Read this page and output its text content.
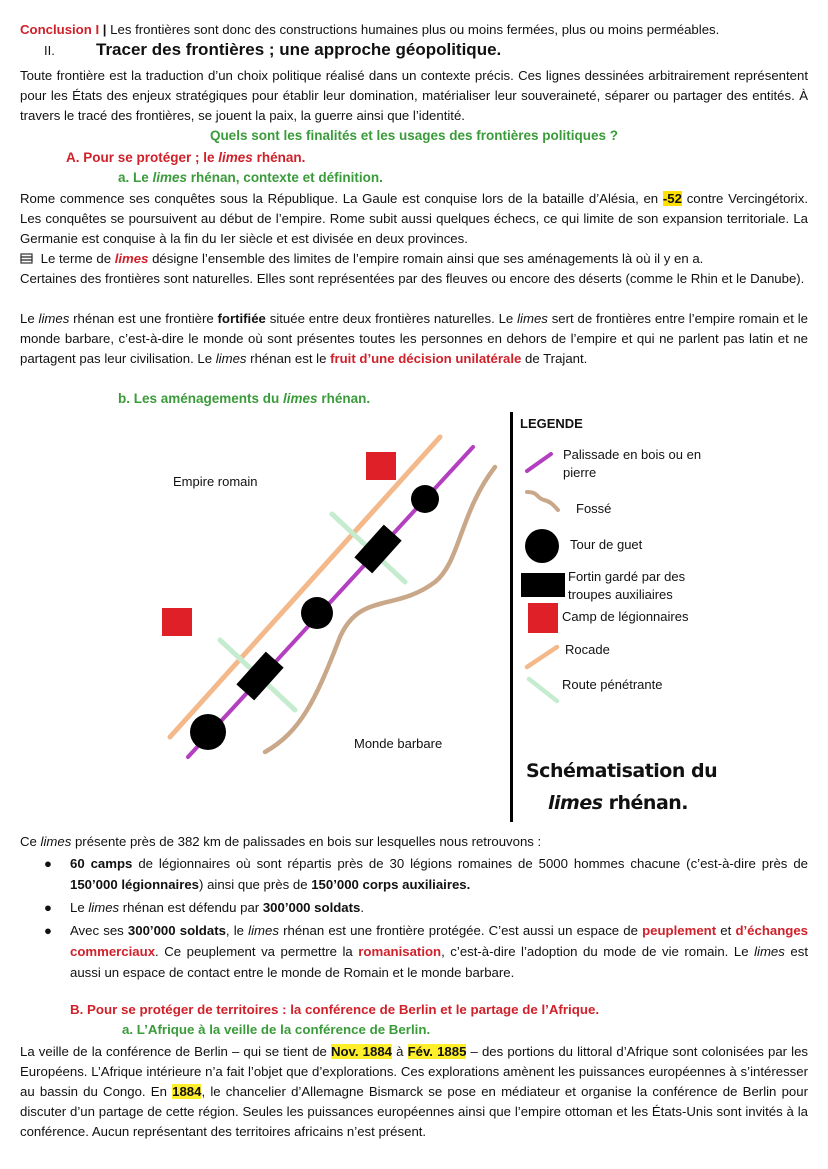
Conclusion I | Les frontières sont donc des constructions humaines plus ou moins fermées, plus ou moins perméables.

II. Tracer des frontières ; une approche géopolitique.

Toute frontière est la traduction d’un choix politique réalisé dans un contexte précis. Ces lignes dessinées arbitrairement représentent pour les États des enjeux stratégiques pour établir leur domination, matérialiser leur souveraineté, séparer ou partager des entités. À travers le tracé des frontières, se jouent la paix, la guerre ainsi que l’identité.

Quels sont les finalités et les usages des frontières politiques ?
A. Pour se protéger ; le limes rhénan.
a. Le limes rhénan, contexte et définition.

Rome commence ses conquêtes sous la République. La Gaule est conquise lors de la bataille d’Alésia, en -52 contre Vercingétorix. Les conquêtes se poursuivent au début de l’empire. Rome subit aussi quelques échecs, ce qui limite de son expansion territoriale. La Germanie est conquise à la fin du Ier siècle et est divisée en deux provinces.

Le terme de limes désigne l’ensemble des limites de l’empire romain ainsi que ses aménagements là où il y en a.

Certaines des frontières sont naturelles. Elles sont représentées par des fleuves ou encore des déserts (comme le Rhin et le Danube).

Le limes rhénan est une frontière fortifiée située entre deux frontières naturelles. Le limes sert de frontières entre l’empire romain et le monde barbare, c’est-à-dire le monde où sont présentes toutes les personnes en dehors de l’empire et qui ne parlent pas latin et ne partagent pas leur civilisation. Le limes rhénan est le fruit d’une décision unilatérale de Trajant.

b. Les aménagements du limes rhénan.
Empire romain
Monde barbare
LEGENDE
Palissade en bois ou en pierre
Fossé
Tour de guet
Fortin gardé par des troupes auxiliaires
Camp de légionnaires
Rocade
Route pénétrante
Schématisation du
limes rhénan.

Ce limes présente près de 382 km de palissades en bois sur lesquelles nous retrouvons :

● 60 camps de légionnaires où sont répartis près de 30 légions romaines de 5000 hommes chacune (c’est-à-dire près de 150’000 légionnaires) ainsi que près de 150’000 corps auxiliaires.
● Le limes rhénan est défendu par 300’000 soldats.
● Avec ses 300’000 soldats, le limes rhénan est une frontière protégée. C’est aussi un espace de peuplement et d’échanges commerciaux. Ce peuplement va permettre la romanisation, c’est-à-dire l’adoption du mode de vie romain. Le limes est aussi un espace de contact entre le monde de Romain et le monde barbare.
B. Pour se protéger de territoires : la conférence de Berlin et le partage de l’Afrique.
a. L’Afrique à la veille de la conférence de Berlin.

La veille de la conférence de Berlin – qui se tient de Nov. 1884 à Fév. 1885 – des portions du littoral d’Afrique sont colonisées par les Européens. L’Afrique intérieure n’a fait l’objet que d’explorations. Ces explorations amènent les puissances européennes à s’intéresser au bassin du Congo. En 1884, le chancelier d’Allemagne Bismarck se pose en médiateur et organise la conférence de Berlin pour discuter d’un partage de cette région. Seules les puissances européennes ainsi que l’empire ottoman et les États-Unis sont invités à la conférence. Aucun représentant des territoires africains n’est présent.
